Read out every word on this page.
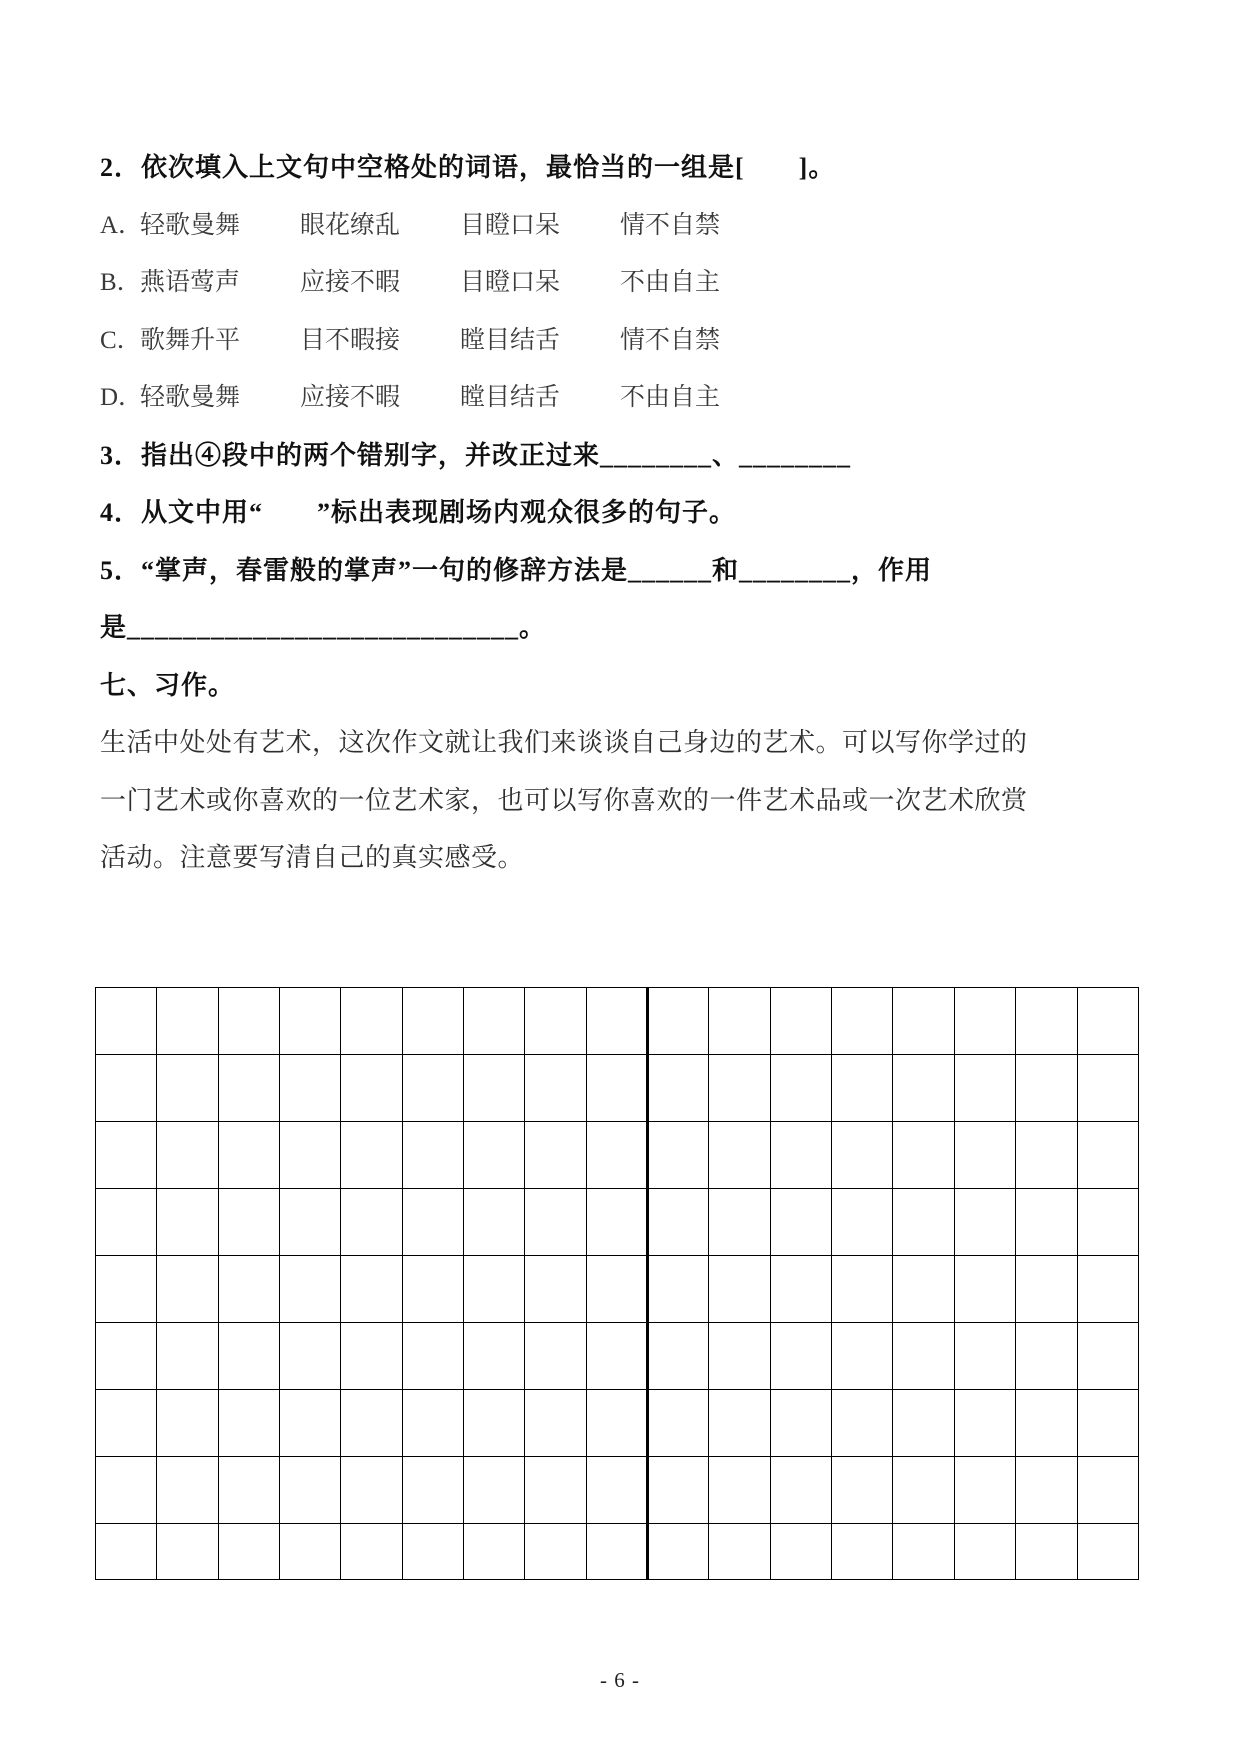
2．依次填入上文句中空格处的词语，最恰当的一组是[　　]。
A．轻歌曼舞 眼花缭乱 目瞪口呆 情不自禁
B．燕语莺声 应接不暇 目瞪口呆 不由自主
C．歌舞升平 目不暇接 瞠目结舌 情不自禁
D．轻歌曼舞 应接不暇 瞠目结舌 不由自主
3．指出④段中的两个错别字，并改正过来________、________
4．从文中用“　　”标出表现剧场内观众很多的句子。
5．“掌声，春雷般的掌声”一句的修辞方法是______和________，作用
是____________________________。
七、习作。
生活中处处有艺术，这次作文就让我们来谈谈自己身边的艺术。可以写你学过的
一门艺术或你喜欢的一位艺术家，也可以写你喜欢的一件艺术品或一次艺术欣赏
活动。注意要写清自己的真实感受。

- 6 -
